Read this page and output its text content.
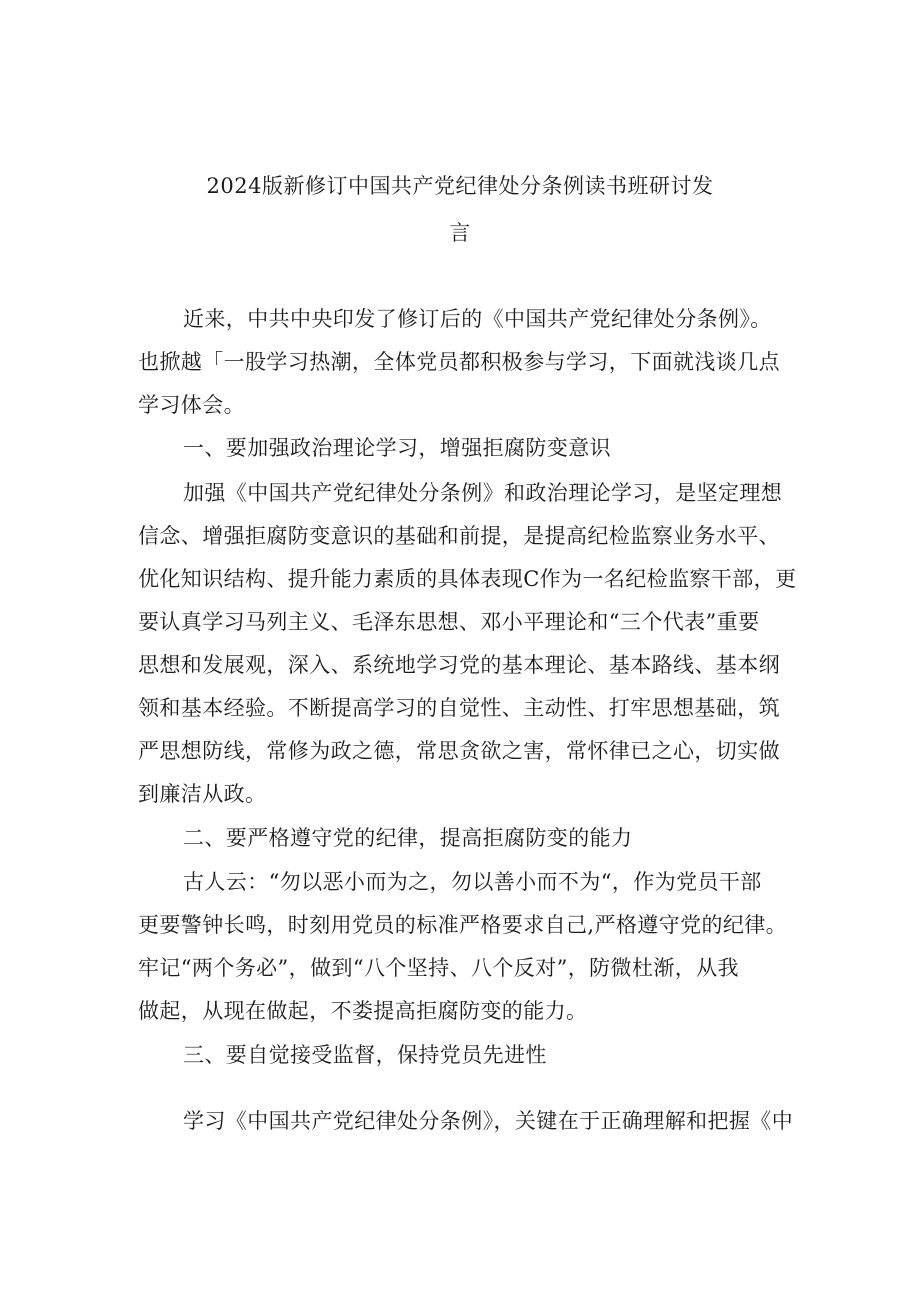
2024版新修订中国共产党纪律处分条例读书班研讨发
言
近来，中共中央印发了修订后的《中国共产党纪律处分条例》。
也掀越「一股学习热潮，全体党员都积极参与学习，下面就浅谈几点
学习体会。
一、要加强政治理论学习，增强拒腐防变意识
加强《中国共产党纪律处分条例》和政治理论学习，是坚定理想
信念、增强拒腐防变意识的基础和前提，是提高纪检监察业务水平、
优化知识结构、提升能力素质的具体表现C作为一名纪检监察干部，更
要认真学习马列主义、毛泽东思想、邓小平理论和“三个代表”重要
思想和发展观，深入、系统地学习党的基本理论、基本路线、基本纲
领和基本经验。不断提高学习的自觉性、主动性、打牢思想基础，筑
严思想防线，常修为政之德，常思贪欲之害，常怀律已之心，切实做
到廉洁从政。
二、要严格遵守党的纪律，提高拒腐防变的能力
古人云：“勿以恶小而为之，勿以善小而不为“，作为党员干部
更要警钟长鸣，时刻用党员的标准严格要求自己,严格遵守党的纪律。
牢记“两个务必”，做到“八个坚持、八个反对”，防微杜渐，从我
做起，从现在做起，不娄提高拒腐防变的能力。
三、要自觉接受监督，保持党员先进性
学习《中国共产党纪律处分条例》，关键在于正确理解和把握《中
